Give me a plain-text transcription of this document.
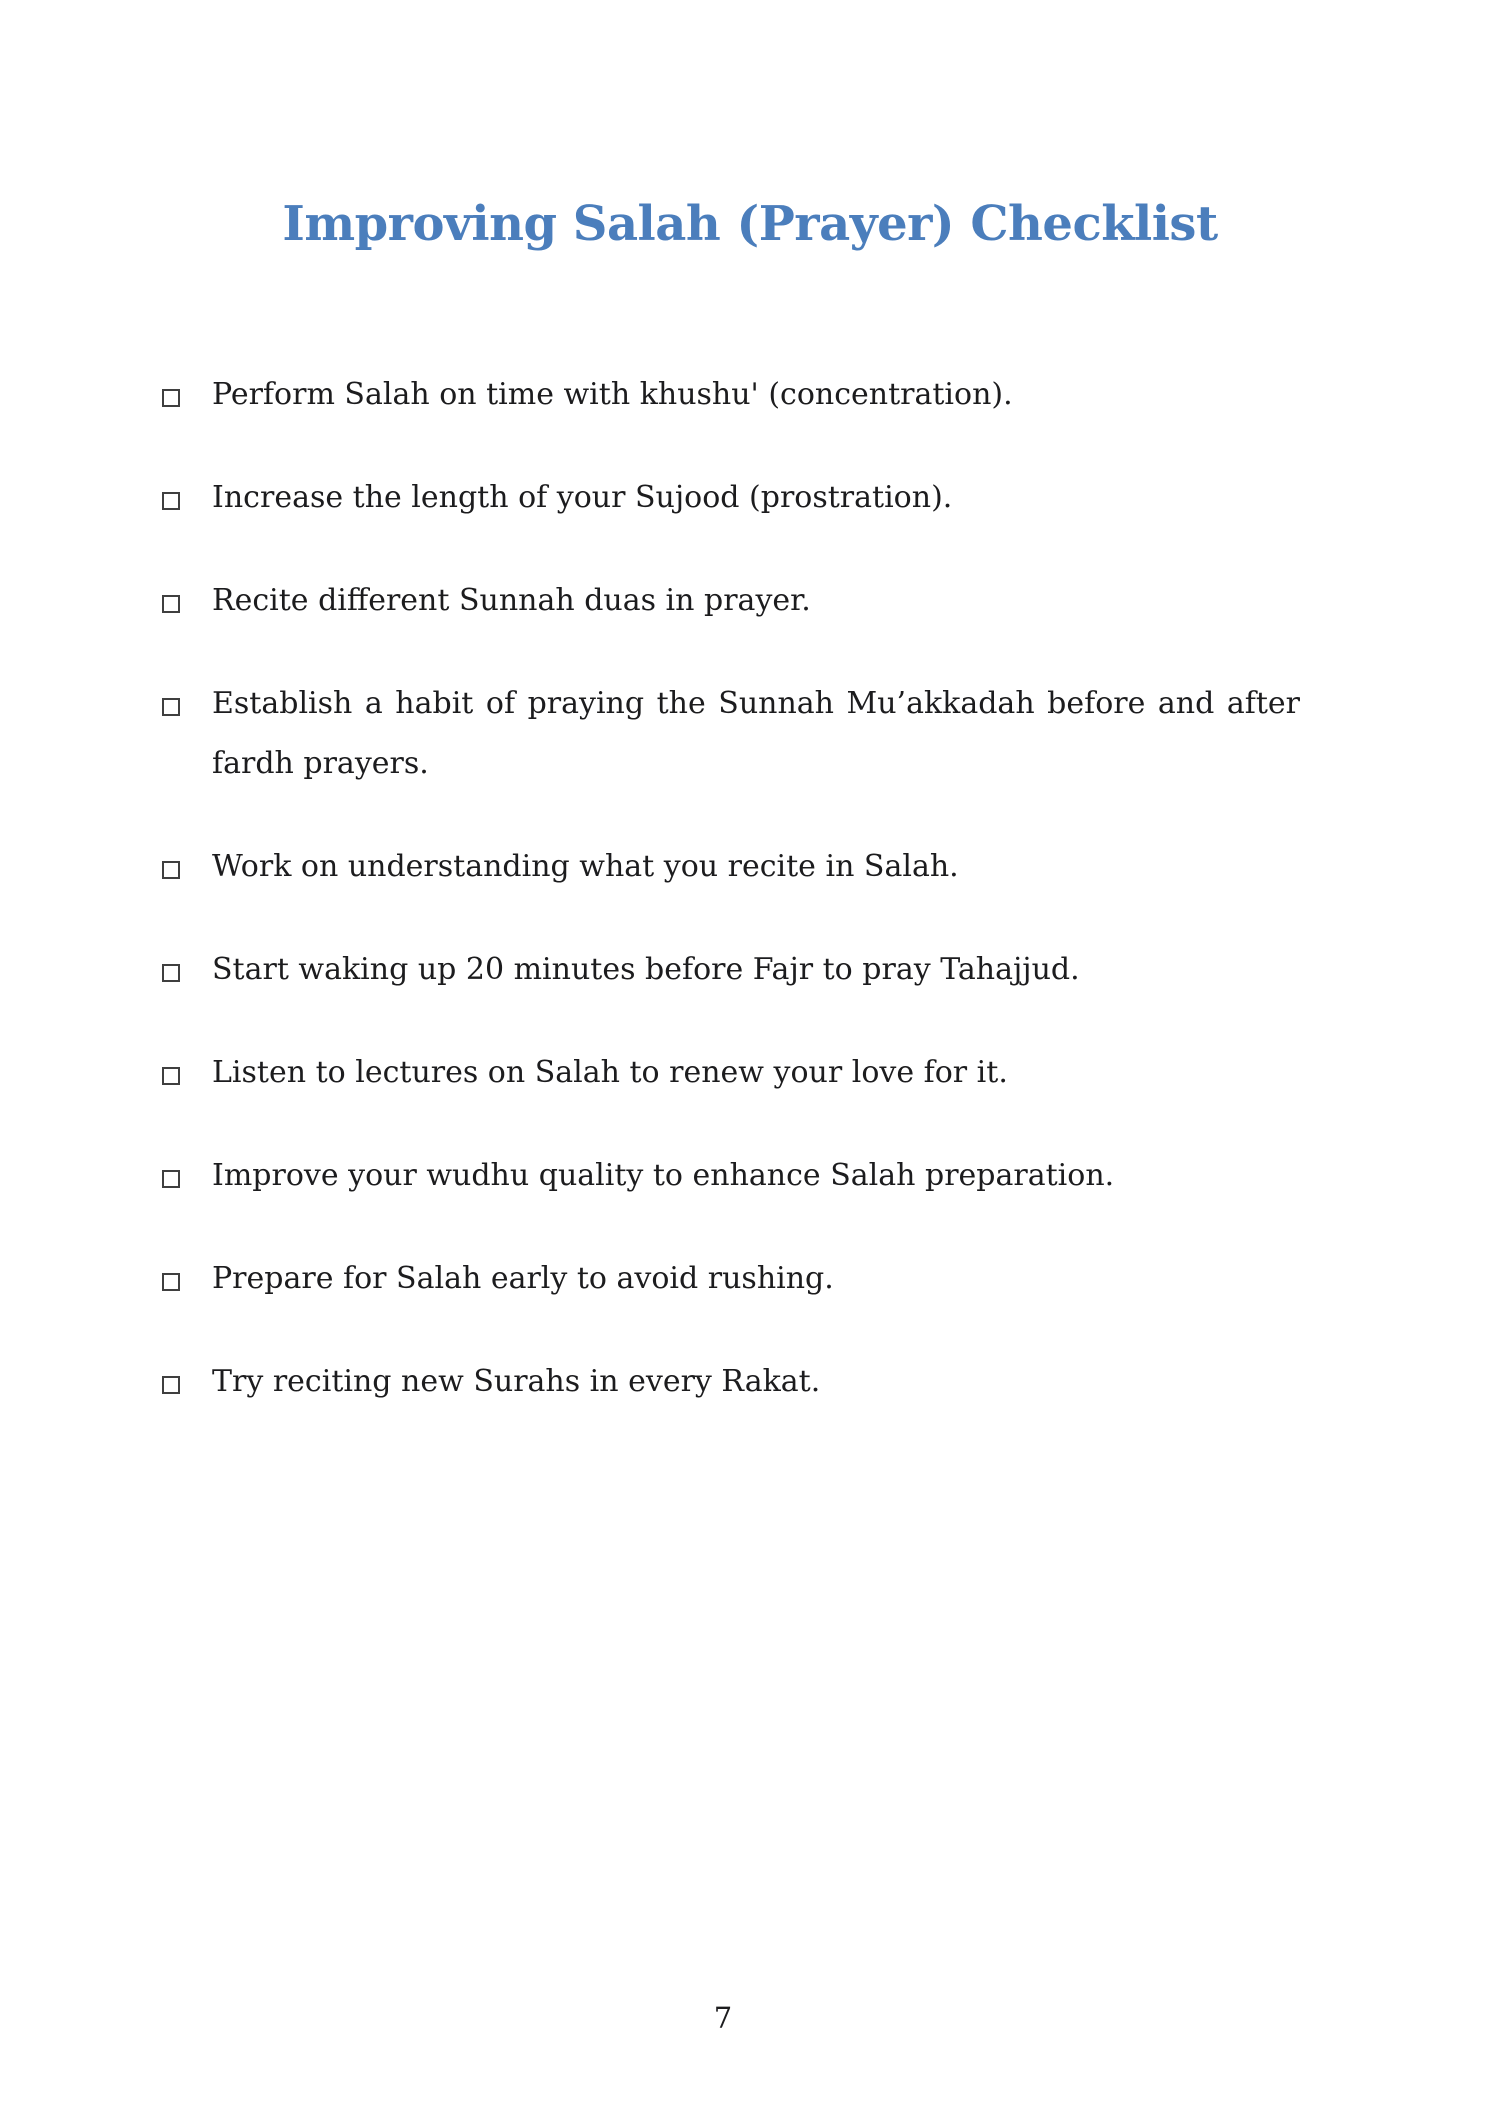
Improving Salah (Prayer) Checklist
Perform Salah on time with khushu' (concentration).
Increase the length of your Sujood (prostration).
Recite different Sunnah duas in prayer.
Establish a habit of praying the Sunnah Mu’akkadah before and after
fardh prayers.
Work on understanding what you recite in Salah.
Start waking up 20 minutes before Fajr to pray Tahajjud.
Listen to lectures on Salah to renew your love for it.
Improve your wudhu quality to enhance Salah preparation.
Prepare for Salah early to avoid rushing.
Try reciting new Surahs in every Rakat.
7
